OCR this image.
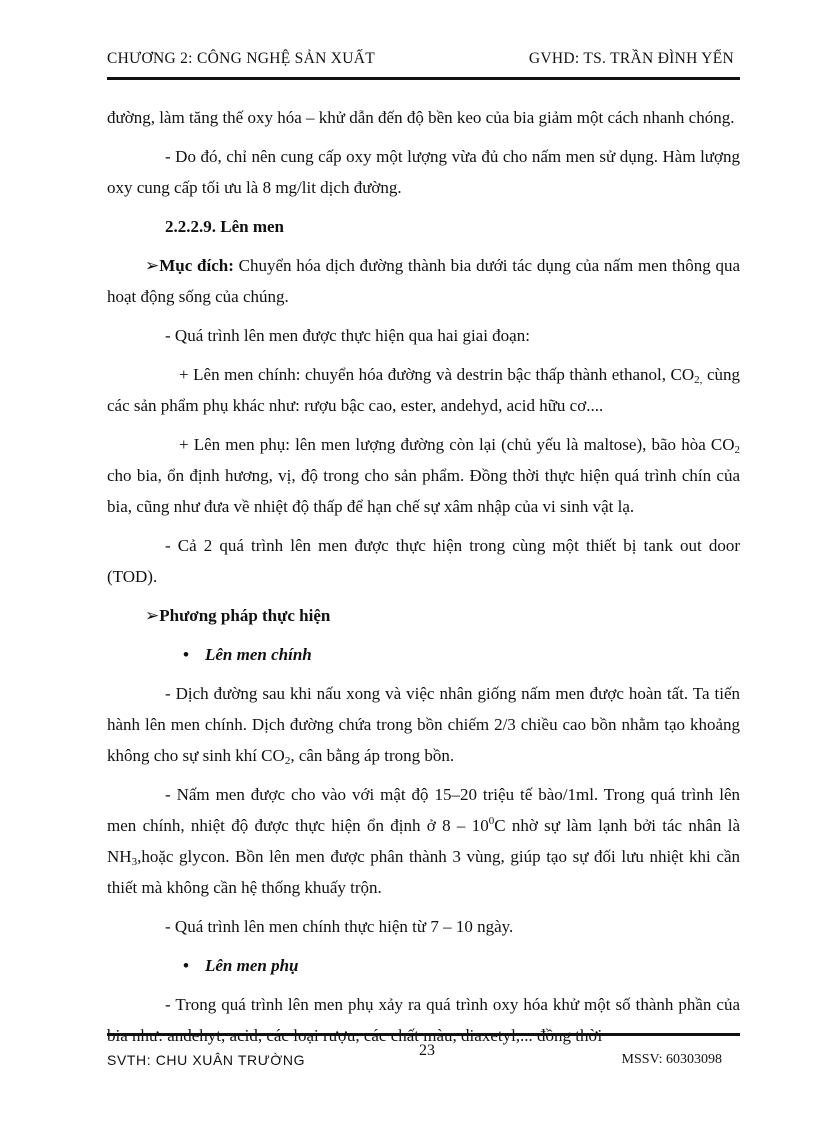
CHƯƠNG 2: CÔNG NGHỆ SẢN XUẤT	GVHD: TS. TRẦN ĐÌNH YẾN

đường, làm tăng thế oxy hóa – khử dẫn đến độ bền keo của bia giảm một cách nhanh chóng.

- Do đó, chỉ nên cung cấp oxy một lượng vừa đủ cho nấm men sử dụng. Hàm lượng oxy cung cấp tối ưu là 8 mg/lit dịch đường.

2.2.2.9. Lên men

➢Mục đích: Chuyển hóa dịch đường thành bia dưới tác dụng của nấm men thông qua hoạt động sống của chúng.

- Quá trình lên men được thực hiện qua hai giai đoạn:

+ Lên men chính: chuyển hóa đường và destrin bậc thấp thành ethanol, $CO_{2,}$ cùng các sản phẩm phụ khác như: rượu bậc cao, ester, andehyd, acid hữu cơ....

+ Lên men phụ: lên men lượng đường còn lại (chủ yếu là maltose), bão hòa $CO_2$ cho bia, ổn định hương, vị, độ trong cho sản phẩm. Đồng thời thực hiện quá trình chín của bia, cũng như đưa về nhiệt độ thấp để hạn chế sự xâm nhập của vi sinh vật lạ.

- Cả 2 quá trình lên men được thực hiện trong cùng một thiết bị tank out door (TOD).

➢Phương pháp thực hiện

• Lên men chính

- Dịch đường sau khi nấu xong và việc nhân giống nấm men được hoàn tất. Ta tiến hành lên men chính. Dịch đường chứa trong bồn chiếm 2/3 chiều cao bồn nhằm tạo khoảng không cho sự sinh khí $CO_2$, cân bằng áp trong bồn.

- Nấm men được cho vào với mật độ 15–20 triệu tế bào/1ml. Trong quá trình lên men chính, nhiệt độ được thực hiện ổn định ở $8 - 10^0C$ nhờ sự làm lạnh bởi tác nhân là $NH_3,hoặc$ glycon. Bồn lên men được phân thành 3 vùng, giúp tạo sự đối lưu nhiệt khi cần thiết mà không cần hệ thống khuấy trộn.

- Quá trình lên men chính thực hiện từ 7 – 10 ngày.

• Lên men phụ

- Trong quá trình lên men phụ xảy ra quá trình oxy hóa khử một số thành phần của

SVTH: CHU XUÂN TRƯỜNG
23
MSSV: 60303098
